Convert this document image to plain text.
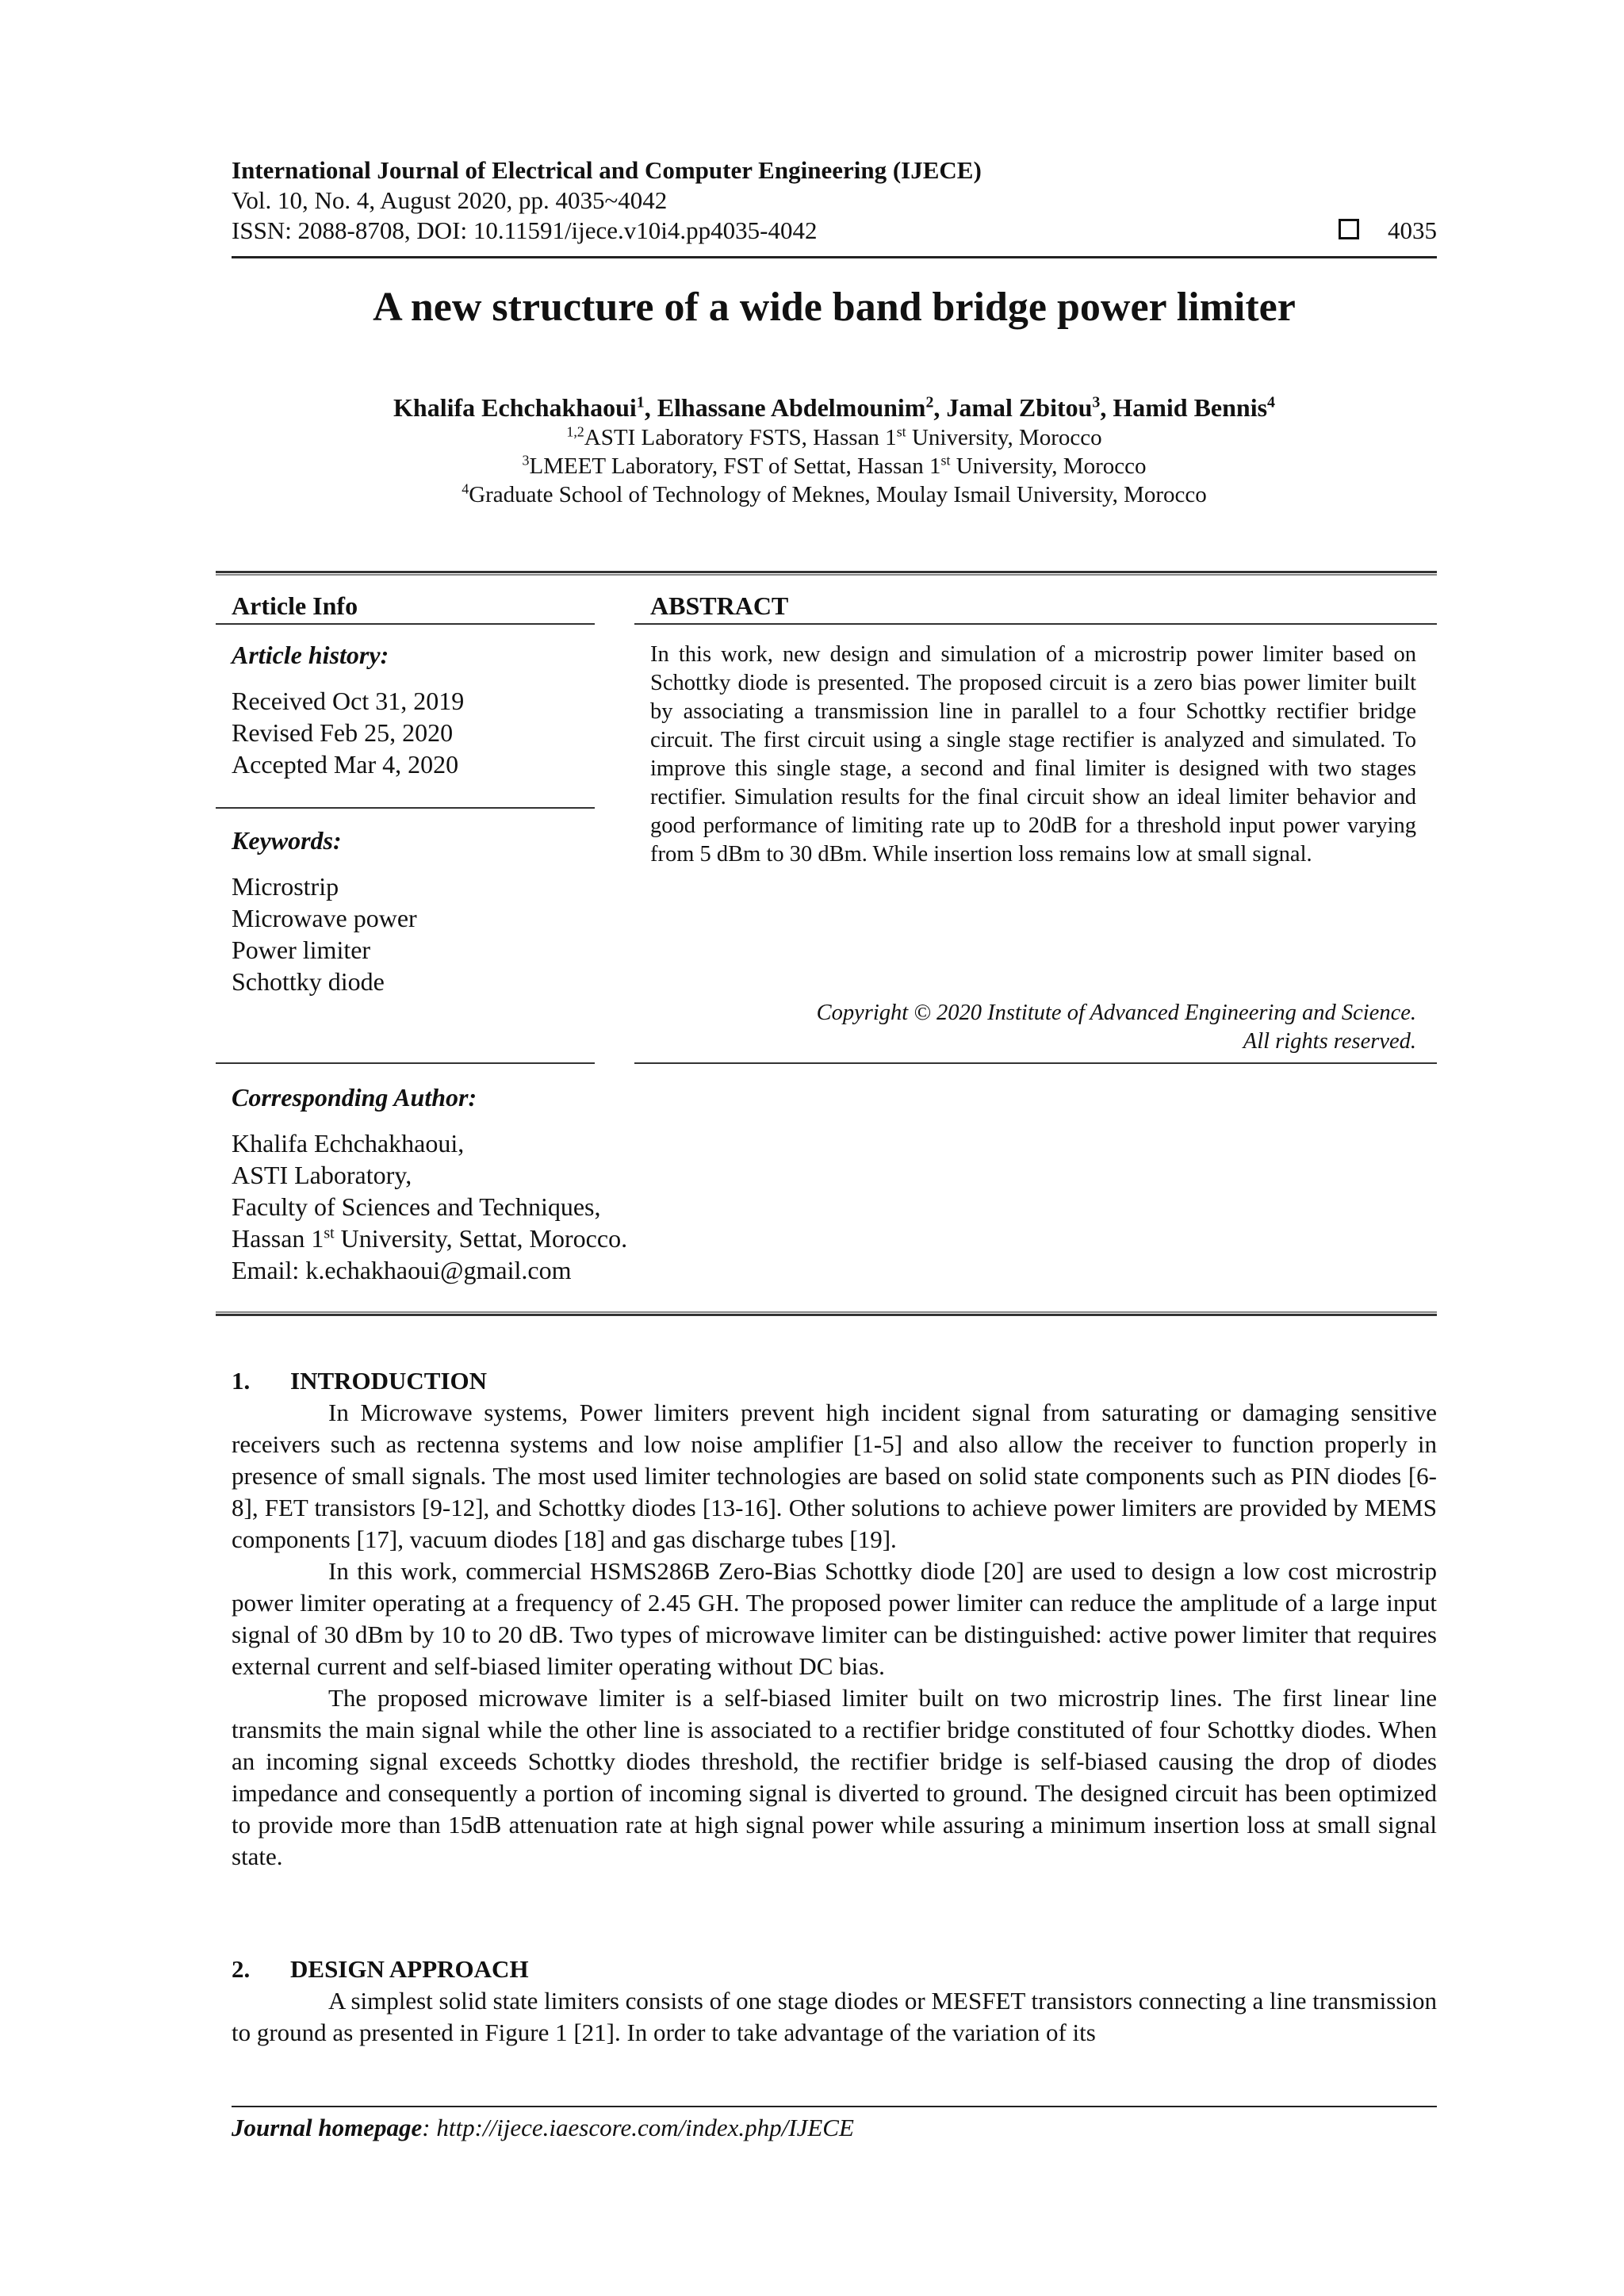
International Journal of Electrical and Computer Engineering (IJECE)
Vol. 10, No. 4, August 2020, pp. 4035~4042
ISSN: 2088-8708, DOI: 10.11591/ijece.v10i4.pp4035-4042	4035
A new structure of a wide band bridge power limiter
Khalifa Echchakhaoui$^1$, Elhassane Abdelmounim$^2$, Jamal Zbitou$^3$, Hamid Bennis$^4$
$^{1,2}$ASTI Laboratory FSTS, Hassan 1st University, Morocco
$^3$LMEET Laboratory, FST of Settat, Hassan 1st University, Morocco
$^4$Graduate School of Technology of Meknes, Moulay Ismail University, Morocco
Article Info	ABSTRACT
Article history:
Received Oct 31, 2019
Revised Feb 25, 2020
Accepted Mar 4, 2020
Keywords:
Microstrip
Microwave power
Power limiter
Schottky diode
In this work, new design and simulation of a microstrip power limiter based on Schottky diode is presented. The proposed circuit is a zero bias power limiter built by associating a transmission line in parallel to a four Schottky rectifier bridge circuit. The first circuit using a single stage rectifier is analyzed and simulated. To improve this single stage, a second and final limiter is designed with two stages rectifier. Simulation results for the final circuit show an ideal limiter behavior and good performance of limiting rate up to 20dB for a threshold input power varying from 5 dBm to 30 dBm. While insertion loss remains low at small signal.
Copyright © 2020 Institute of Advanced Engineering and Science.
All rights reserved.
Corresponding Author:
Khalifa Echchakhaoui,
ASTI Laboratory,
Faculty of Sciences and Techniques,
Hassan 1st University, Settat, Morocco.
Email: k.echakhaoui@gmail.com
1. INTRODUCTION

In Microwave systems, Power limiters prevent high incident signal from saturating or damaging sensitive receivers such as rectenna systems and low noise amplifier [1-5] and also allow the receiver to function properly in presence of small signals. The most used limiter technologies are based on solid state components such as PIN diodes [6-8], FET transistors [9-12], and Schottky diodes [13-16]. Other solutions to achieve power limiters are provided by MEMS components [17], vacuum diodes [18] and gas discharge tubes [19].

In this work, commercial HSMS286B Zero-Bias Schottky diode [20] are used to design a low cost microstrip power limiter operating at a frequency of 2.45 GH. The proposed power limiter can reduce the amplitude of a large input signal of 30 dBm by 10 to 20 dB. Two types of microwave limiter can be distinguished: active power limiter that requires external current and self-biased limiter operating without DC bias.

The proposed microwave limiter is a self-biased limiter built on two microstrip lines. The first linear line transmits the main signal while the other line is associated to a rectifier bridge constituted of four Schottky diodes. When an incoming signal exceeds Schottky diodes threshold, the rectifier bridge is self-biased causing the drop of diodes impedance and consequently a portion of incoming signal is diverted to ground. The designed circuit has been optimized to provide more than 15dB attenuation rate at high signal power while assuring a minimum insertion loss at small signal state.

2. DESIGN APPROACH

A simplest solid state limiters consists of one stage diodes or MESFET transistors connecting a line transmission to ground as presented in Figure 1 [21]. In order to take advantage of the variation of its

Journal homepage: http://ijece.iaescore.com/index.php/IJECE
